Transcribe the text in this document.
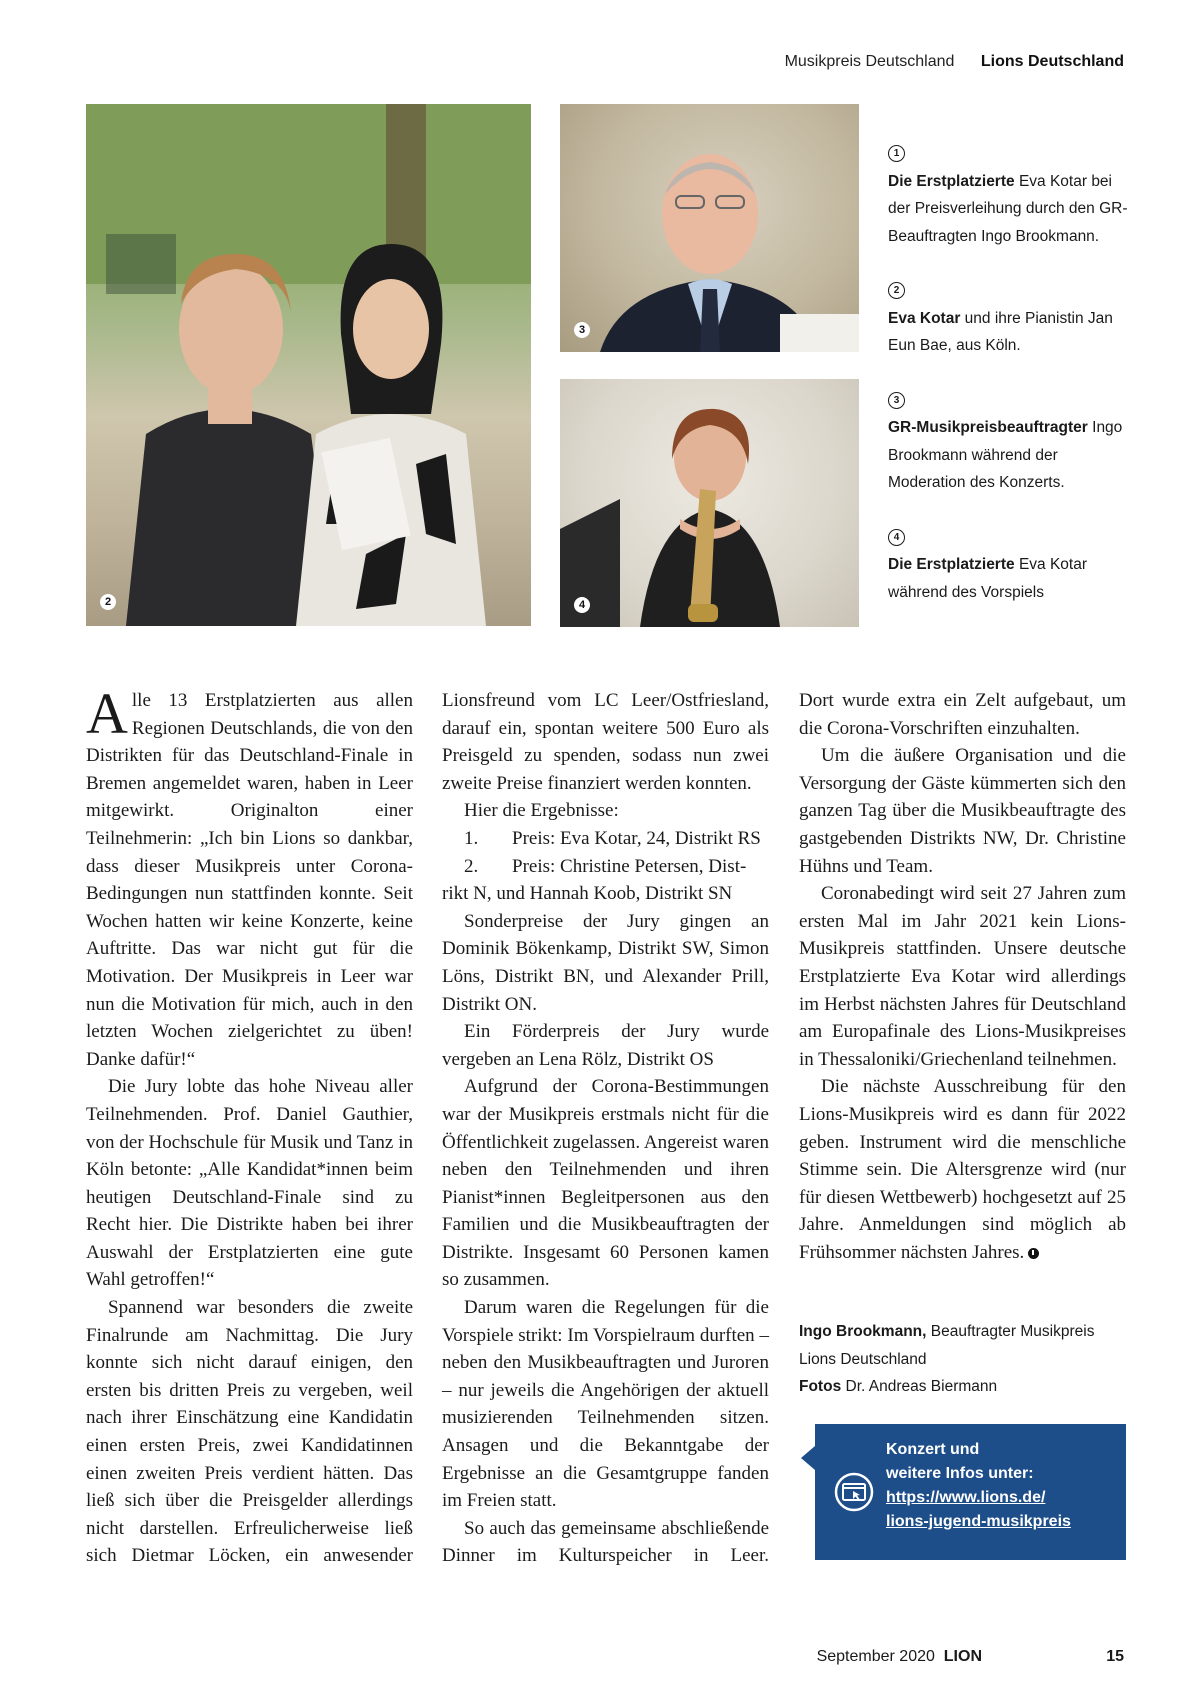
Musikpreis Deutschland Lions Deutschland
2
3
4
1
Die Erstplatzierte Eva Kotar bei der Preisverleihung durch den GR-Beauftragten Ingo Brookmann.
2
Eva Kotar und ihre Pianistin Jan Eun Bae, aus Köln.
3
GR-Musikpreisbeauftragter Ingo Brookmann während der Moderation des Konzerts.
4
Die Erstplatzierte Eva Kotar während des Vorspiels

Alle 13 Erstplatzierten aus allen Regionen Deutschlands, die von den Distrikten für das Deutschland-Finale in Bremen angemeldet waren, haben in Leer mitgewirkt. Originalton einer Teilnehmerin: „Ich bin Lions so dankbar, dass dieser Musikpreis unter Corona-Bedingungen nun stattfinden konnte. Seit Wochen hatten wir keine Konzerte, keine Auftritte. Das war nicht gut für die Motivation. Der Musikpreis in Leer war nun die Motivation für mich, auch in den letzten Wochen zielgerichtet zu üben! Danke dafür!“

Die Jury lobte das hohe Niveau aller Teilnehmenden. Prof. Daniel Gauthier, von der Hochschule für Musik und Tanz in Köln betonte: „Alle Kandidat*innen beim heutigen Deutschland-Finale sind zu Recht hier. Die Distrikte haben bei ihrer Auswahl der Erstplatzierten eine gute Wahl getroffen!“

Spannend war besonders die zweite Finalrunde am Nachmittag. Die Jury konnte sich nicht darauf einigen, den ersten bis dritten Preis zu vergeben, weil nach ihrer Einschätzung eine Kandidatin einen ersten Preis, zwei Kandidatinnen einen zweiten Preis verdient hätten. Das ließ sich über die Preisgelder allerdings nicht darstellen. Erfreulicherweise ließ sich Dietmar Löcken, ein anwesender

Lionsfreund vom LC Leer/Ostfriesland, darauf ein, spontan weitere 500 Euro als Preisgeld zu spenden, sodass nun zwei zweite Preise finanziert werden konnten.

Hier die Ergebnisse:

1.	Preis: Eva Kotar, 24, Distrikt RS
2.	Preis: Christine Petersen, Dist-

rikt N, und Hannah Koob, Distrikt SN

Sonderpreise der Jury gingen an Dominik Bökenkamp, Distrikt SW, Simon Löns, Distrikt BN, und Alexander Prill, Distrikt ON.

Ein Förderpreis der Jury wurde vergeben an Lena Rölz, Distrikt OS

Aufgrund der Corona-Bestimmungen war der Musikpreis erstmals nicht für die Öffentlichkeit zugelassen. Angereist waren neben den Teilnehmenden und ihren Pianist*innen Begleitpersonen aus den Familien und die Musikbeauftragten der Distrikte. Insgesamt 60 Personen kamen so zusammen.

Darum waren die Regelungen für die Vorspiele strikt: Im Vorspielraum durften – neben den Musikbeauftragten und Juroren – nur jeweils die Angehörigen der aktuell musizierenden Teilnehmenden sitzen. Ansagen und die Bekanntgabe der Ergebnisse an die Gesamtgruppe fanden im Freien statt.

So auch das gemeinsame abschließende Dinner im Kulturspeicher in Leer.

Dort wurde extra ein Zelt aufgebaut, um die Corona-Vorschriften einzuhalten.

Um die äußere Organisation und die Versorgung der Gäste kümmerten sich den ganzen Tag über die Musikbeauftragte des gastgebenden Distrikts NW, Dr. Christine Hühns und Team.

Coronabedingt wird seit 27 Jahren zum ersten Mal im Jahr 2021 kein Lions-Musikpreis stattfinden. Unsere deutsche Erstplatzierte Eva Kotar wird allerdings im Herbst nächsten Jahres für Deutschland am Europafinale des Lions-Musikpreises in Thessaloniki/Griechenland teilnehmen.

Die nächste Ausschreibung für den Lions-Musikpreis wird es dann für 2022 geben. Instrument wird die menschliche Stimme sein. Die Altersgrenze wird (nur für diesen Wettbewerb) hochgesetzt auf 25 Jahre. Anmeldungen sind möglich ab Frühsommer nächsten Jahres.

Ingo Brookmann, Beauftragter Musikpreis Lions Deutschland
Fotos Dr. Andreas Biermann
Konzert und
weitere Infos unter:
https://www.lions.de/
lions-jugend-musikpreis
September 2020 LION	15
